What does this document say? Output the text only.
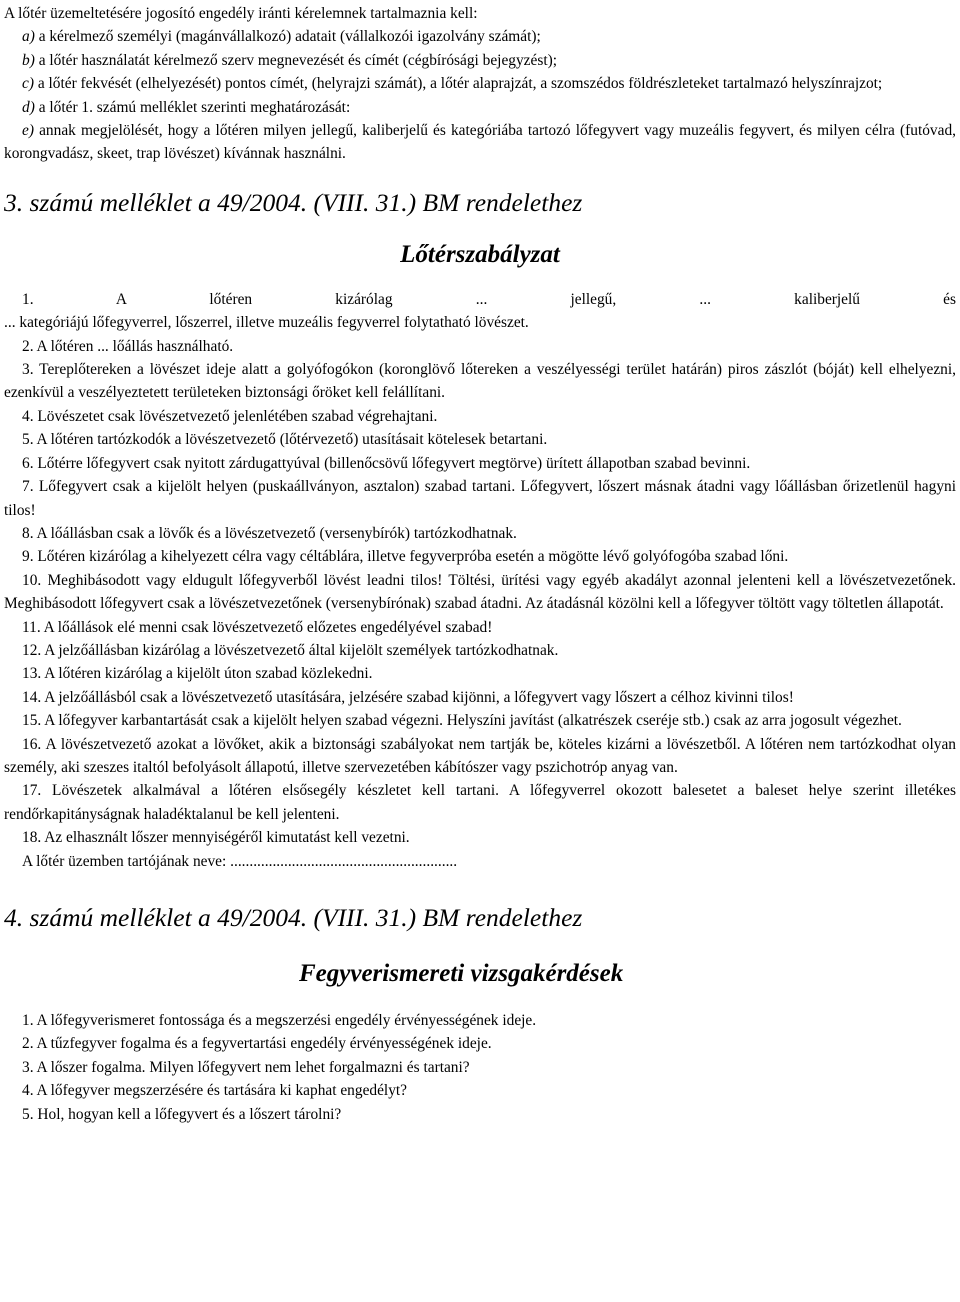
A lőtér üzemeltetésére jogosító engedély iránti kérelemnek tartalmaznia kell:

a) a kérelmező személyi (magánvállalkozó) adatait (vállalkozói igazolvány számát);

b) a lőtér használatát kérelmező szerv megnevezését és címét (cégbírósági bejegyzést);

c) a lőtér fekvését (elhelyezését) pontos címét, (helyrajzi számát), a lőtér alaprajzát, a szomszédos földrészleteket tartalmazó helyszínrajzot;

d) a lőtér 1. számú melléklet szerinti meghatározását:

e) annak megjelölését, hogy a lőtéren milyen jellegű, kaliberjelű és kategóriába tartozó lőfegyvert vagy muzeális fegyvert, és milyen célra (futóvad, korongvadász, skeet, trap lövészet) kívánnak használni.

3. számú melléklet a 49/2004. (VIII. 31.) BM rendelethez
Lőtérszabályzat

1. A lőtéren kizárólag ... jellegű, ... kaliberjelű és

... kategóriájú lőfegyverrel, lőszerrel, illetve muzeális fegyverrel folytatható lövészet.

2. A lőtéren ... lőállás használható.

3. Tereplőtereken a lövészet ideje alatt a golyófogókon (koronglövő lőtereken a veszélyességi terület határán) piros zászlót (bóját) kell elhelyezni, ezenkívül a veszélyeztetett területeken biztonsági őröket kell felállítani.

4. Lövészetet csak lövészetvezető jelenlétében szabad végrehajtani.

5. A lőtéren tartózkodók a lövészetvezető (lőtérvezető) utasításait kötelesek betartani.

6. Lőtérre lőfegyvert csak nyitott zárdugattyúval (billenőcsövű lőfegyvert megtörve) ürített állapotban szabad bevinni.

7. Lőfegyvert csak a kijelölt helyen (puskaállványon, asztalon) szabad tartani. Lőfegyvert, lőszert másnak átadni vagy lőállásban őrizetlenül hagyni tilos!

8. A lőállásban csak a lövők és a lövészetvezető (versenybírók) tartózkodhatnak.

9. Lőtéren kizárólag a kihelyezett célra vagy céltáblára, illetve fegyverpróba esetén a mögötte lévő golyófogóba szabad lőni.

10. Meghibásodott vagy eldugult lőfegyverből lövést leadni tilos! Töltési, ürítési vagy egyéb akadályt azonnal jelenteni kell a lövészetvezetőnek. Meghibásodott lőfegyvert csak a lövészetvezetőnek (versenybírónak) szabad átadni. Az átadásnál közölni kell a lőfegyver töltött vagy töltetlen állapotát.

11. A lőállások elé menni csak lövészetvezető előzetes engedélyével szabad!

12. A jelzőállásban kizárólag a lövészetvezető által kijelölt személyek tartózkodhatnak.

13. A lőtéren kizárólag a kijelölt úton szabad közlekedni.

14. A jelzőállásból csak a lövészetvezető utasítására, jelzésére szabad kijönni, a lőfegyvert vagy lőszert a célhoz kivinni tilos!

15. A lőfegyver karbantartását csak a kijelölt helyen szabad végezni. Helyszíni javítást (alkatrészek cseréje stb.) csak az arra jogosult végezhet.

16. A lövészetvezető azokat a lövőket, akik a biztonsági szabályokat nem tartják be, köteles kizárni a lövészetből. A lőtéren nem tartózkodhat olyan személy, aki szeszes italtól befolyásolt állapotú, illetve szervezetében kábítószer vagy pszichotróp anyag van.

17. Lövészetek alkalmával a lőtéren elsősegély készletet kell tartani. A lőfegyverrel okozott balesetet a baleset helye szerint illetékes rendőrkapitányságnak haladéktalanul be kell jelenteni.

18. Az elhasznált lőszer mennyiségéről kimutatást kell vezetni.

A lőtér üzemben tartójának neve: ...........................................................

4. számú melléklet a 49/2004. (VIII. 31.) BM rendelethez
Fegyverismereti vizsgakérdések

1. A lőfegyverismeret fontossága és a megszerzési engedély érvényességének ideje.

2. A tűzfegyver fogalma és a fegyvertartási engedély érvényességének ideje.

3. A lőszer fogalma. Milyen lőfegyvert nem lehet forgalmazni és tartani?

4. A lőfegyver megszerzésére és tartására ki kaphat engedélyt?

5. Hol, hogyan kell a lőfegyvert és a lőszert tárolni?
